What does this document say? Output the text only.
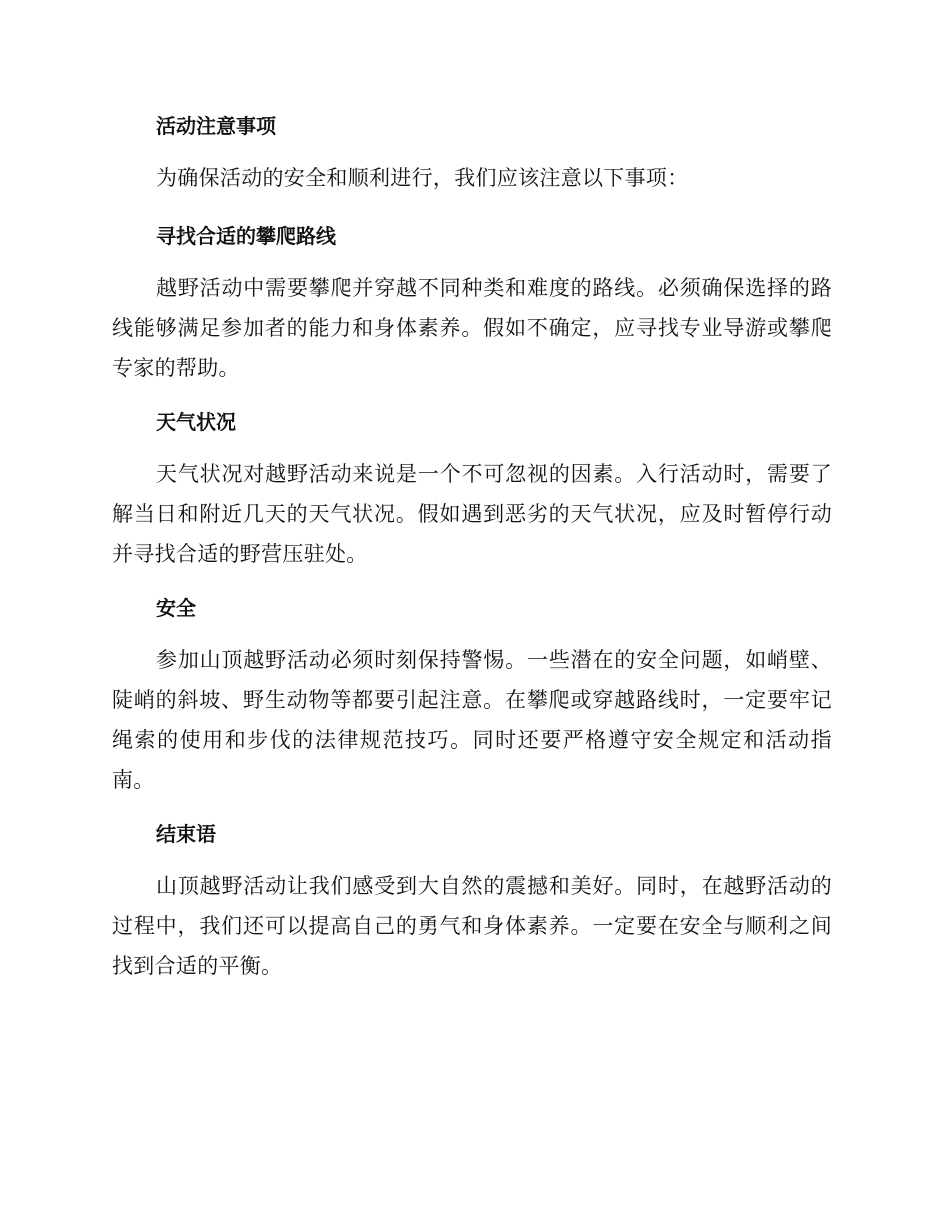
活动注意事项

为确保活动的安全和顺利进行，我们应该注意以下事项：

寻找合适的攀爬路线

越野活动中需要攀爬并穿越不同种类和难度的路线。必须确保选择的路线能够满足参加者的能力和身体素养。假如不确定，应寻找专业导游或攀爬专家的帮助。

天气状况

天气状况对越野活动来说是一个不可忽视的因素。入行活动时，需要了解当日和附近几天的天气状况。假如遇到恶劣的天气状况，应及时暂停行动并寻找合适的野营压驻处。

安全

参加山顶越野活动必须时刻保持警惕。一些潜在的安全问题，如峭壁、陡峭的斜坡、野生动物等都要引起注意。在攀爬或穿越路线时，一定要牢记绳索的使用和步伐的法律规范技巧。同时还要严格遵守安全规定和活动指南。

结束语

山顶越野活动让我们感受到大自然的震撼和美好。同时，在越野活动的过程中，我们还可以提高自己的勇气和身体素养。一定要在安全与顺利之间找到合适的平衡。
